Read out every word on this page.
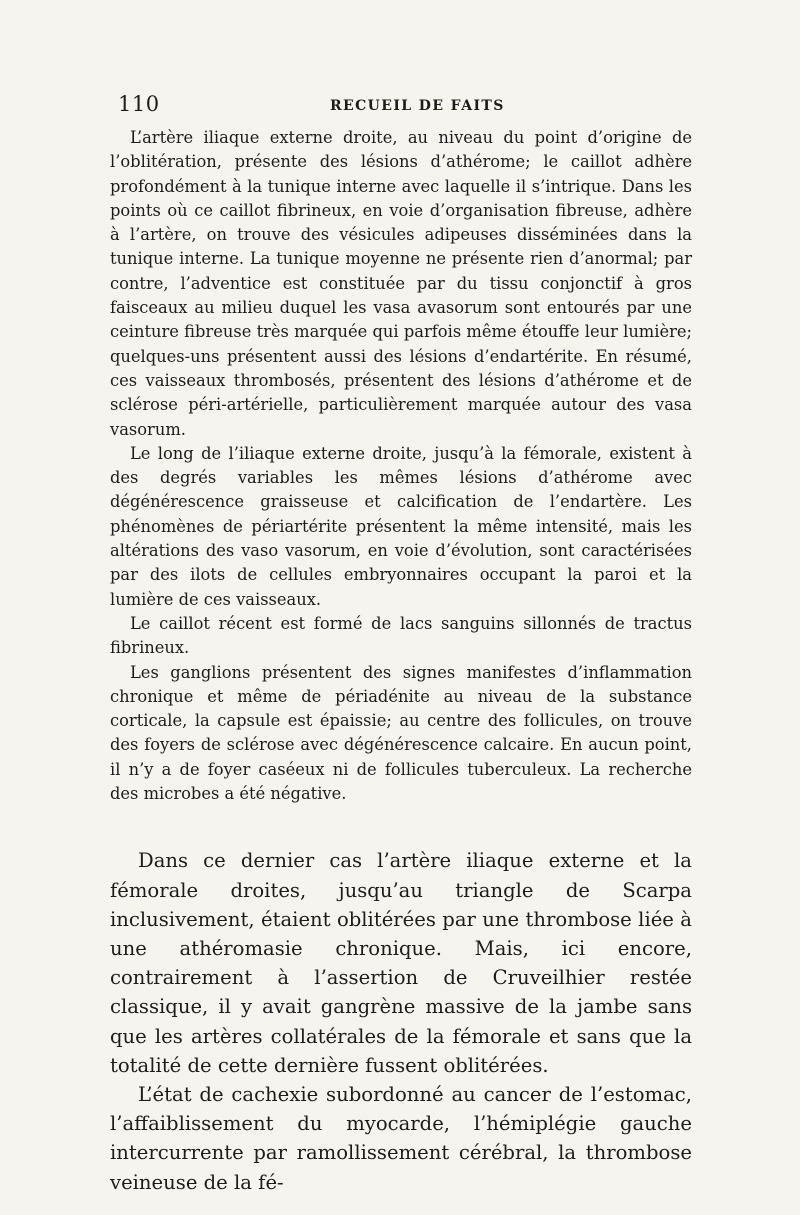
110	RECUEIL DE FAITS

L’artère iliaque externe droite, au niveau du point d’origine de l’oblitération, présente des lésions d’athérome; le caillot adhère profondément à la tunique interne avec laquelle il s’intrique. Dans les points où ce caillot fibrineux, en voie d’organisation fibreuse, adhère à l’artère, on trouve des vésicules adipeuses disséminées dans la tunique interne. La tunique moyenne ne présente rien d’anormal; par contre, l’adventice est constituée par du tissu conjonctif à gros faisceaux au milieu duquel les vasa avasorum sont entourés par une ceinture fibreuse très marquée qui parfois même étouffe leur lumière; quelques-uns présentent aussi des lésions d’endartérite. En résumé, ces vaisseaux thrombosés, présentent des lésions d’athérome et de sclérose péri-artérielle, particulièrement marquée autour des vasa vasorum.

Le long de l’iliaque externe droite, jusqu’à la fémorale, existent à des degrés variables les mêmes lésions d’athérome avec dégénérescence graisseuse et calcification de l’endartère. Les phénomènes de périartérite présentent la même intensité, mais les altérations des vaso vasorum, en voie d’évolution, sont caractérisées par des ilots de cellules embryonnaires occupant la paroi et la lumière de ces vaisseaux.

Le caillot récent est formé de lacs sanguins sillonnés de tractus fibrineux.

Les ganglions présentent des signes manifestes d’inflammation chronique et même de périadénite au niveau de la substance corticale, la capsule est épaissie; au centre des follicules, on trouve des foyers de sclérose avec dégénérescence calcaire. En aucun point, il n’y a de foyer caséeux ni de follicules tuberculeux. La recherche des microbes a été négative.

Dans ce dernier cas l’artère iliaque externe et la fémorale droites, jusqu’au triangle de Scarpa inclusivement, étaient oblitérées par une thrombose liée à une athéromasie chronique. Mais, ici encore, contrairement à l’assertion de Cruveilhier restée classique, il y avait gangrène massive de la jambe sans que les artères collatérales de la fémorale et sans que la totalité de cette dernière fussent oblitérées.

L’état de cachexie subordonné au cancer de l’estomac, l’affaiblissement du myocarde, l’hémiplégie gauche intercurrente par ramollissement cérébral, la thrombose veineuse de la fé-
